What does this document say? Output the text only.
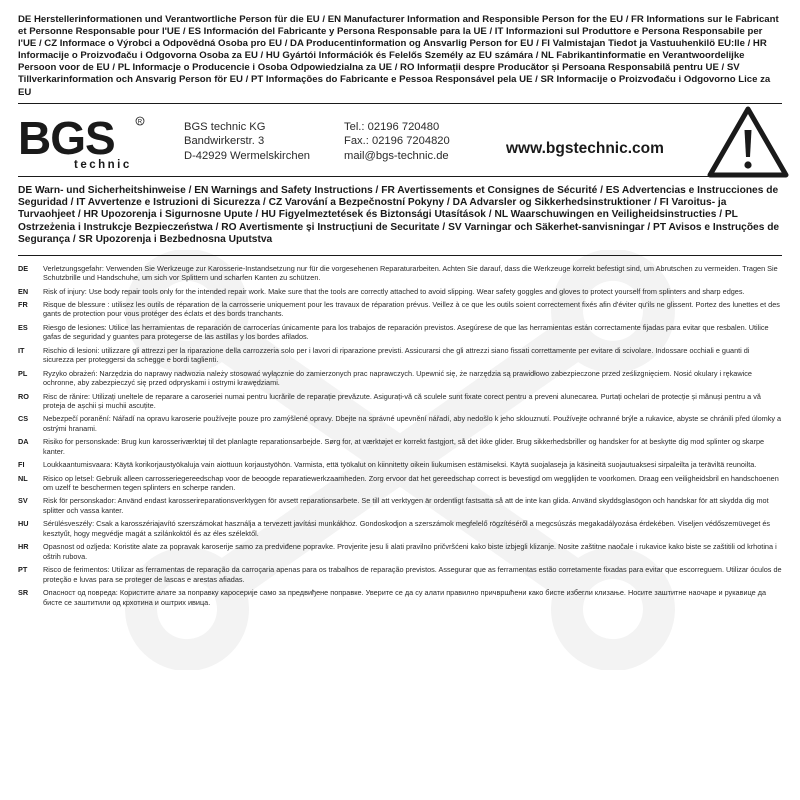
DE Herstellerinformationen und Verantwortliche Person für die EU / EN Manufacturer Information and Responsible Person for the EU / FR Informations sur le Fabricant et Personne Responsable pour l'UE / ES Información del Fabricante y Persona Responsable para la UE / IT Informazioni sul Produttore e Persona Responsabile per l'UE / CZ Informace o Výrobci a Odpovědná Osoba pro EU / DA Producentinformation og Ansvarlig Person for EU / FI Valmistajan Tiedot ja Vastuuhenkilö EU:lle / HR Informacije o Proizvođaču i Odgovorna Osoba za EU / HU Gyártói Információk és Felelős Személy az EU számára / NL Fabrikantinformatie en Verantwoordelijke Persoon voor de EU / PL Informacje o Producencie i Osoba Odpowiedzialna za UE / RO Informații despre Producător și Persoana Responsabilă pentru UE / SV Tillverkarinformation och Ansvarig Person för EU / PT Informações do Fabricante e Pessoa Responsável pela UE / SR Informacije o Proizvođaču i Odgovorno Lice za EU
BGS
technic
R	BGS technic KG
Bandwirkerstr. 3
D-42929 Wermelskirchen
Tel.: 02196 720480
Fax.: 02196 7204820
mail@bgs-technic.de	www.bgstechnic.com
DE Warn- und Sicherheitshinweise / EN Warnings and Safety Instructions / FR Avertissements et Consignes de Sécurité / ES Advertencias e Instrucciones de Seguridad / IT Avvertenze e Istruzioni di Sicurezza / CZ Varování a Bezpečnostní Pokyny / DA Advarsler og Sikkerhedsinstruktioner / FI Varoitus- ja Turvaohjeet / HR Upozorenja i Sigurnosne Upute / HU Figyelmeztetések és Biztonsági Utasítások / NL Waarschuwingen en Veiligheidsinstructies / PL Ostrzeżenia i Instrukcje Bezpieczeństwa / RO Avertismente și Instrucțiuni de Securitate / SV Varningar och Säkerhet-sanvisningar / PT Avisos e Instruções de Segurança / SR Upozorenja i Bezbednosna Uputstva
DE	Verletzungsgefahr: Verwenden Sie Werkzeuge zur Karosserie-Instandsetzung nur für die vorgesehenen Reparaturarbeiten. Achten Sie darauf, dass die Werkzeuge korrekt befestigt sind, um Abrutschen zu vermeiden. Tragen Sie Schutzbrille und Handschuhe, um sich vor Splittern und scharfen Kanten zu schützen.
EN	Risk of injury: Use body repair tools only for the intended repair work. Make sure that the tools are correctly attached to avoid slipping. Wear safety goggles and gloves to protect yourself from splinters and sharp edges.
FR	Risque de blessure : utilisez les outils de réparation de la carrosserie uniquement pour les travaux de réparation prévus. Veillez à ce que les outils soient correctement fixés afin d'éviter qu'ils ne glissent. Portez des lunettes et des gants de protection pour vous protéger des éclats et des bords tranchants.
ES	Riesgo de lesiones: Utilice las herramientas de reparación de carrocerías únicamente para los trabajos de reparación previstos. Asegúrese de que las herramientas están correctamente fijadas para evitar que resbalen. Utilice gafas de seguridad y guantes para protegerse de las astillas y los bordes afilados.
IT	Rischio di lesioni: utilizzare gli attrezzi per la riparazione della carrozzeria solo per i lavori di riparazione previsti. Assicurarsi che gli attrezzi siano fissati correttamente per evitare di scivolare. Indossare occhiali e guanti di sicurezza per proteggersi da schegge e bordi taglienti.
PL	Ryzyko obrażeń: Narzędzia do naprawy nadwozia należy stosować wyłącznie do zamierzonych prac naprawczych. Upewnić się, że narzędzia są prawidłowo zabezpieczone przed ześlizgnięciem. Nosić okulary i rękawice ochronne, aby zabezpieczyć się przed odpryskami i ostrymi krawędziami.
RO	Risc de rănire: Utilizați uneltele de reparare a caroseriei numai pentru lucrările de reparație prevăzute. Asigurați-vă că sculele sunt fixate corect pentru a preveni alunecarea. Purtați ochelari de protecție și mănuși pentru a vă proteja de așchii și muchii ascuțite.
CS	Nebezpečí poranění: Nářadí na opravu karoserie používejte pouze pro zamýšlené opravy. Dbejte na správné upevnění nářadí, aby nedošlo k jeho sklouznutí. Používejte ochranné brýle a rukavice, abyste se chránili před úlomky a ostrými hranami.
DA	Risiko for personskade: Brug kun karosseriværktøj til det planlagte reparationsarbejde. Sørg for, at værktøjet er korrekt fastgjort, så det ikke glider. Brug sikkerhedsbriller og handsker for at beskytte dig mod splinter og skarpe kanter.
FI	Loukkaantumisvaara: Käytä korikorjaustyökaluja vain aiottuun korjaustyöhön. Varmista, että työkalut on kiinnitetty oikein liukumisen estämiseksi. Käytä suojalaseja ja käsineitä suojautuaksesi sirpaleilta ja teräviltä reunoilta.
NL	Risico op letsel: Gebruik alleen carrosseriegereedschap voor de beoogde reparatiewerkzaamheden. Zorg ervoor dat het gereedschap correct is bevestigd om wegglijden te voorkomen. Draag een veiligheidsbril en handschoenen om uzelf te beschermen tegen splinters en scherpe randen.
SV	Risk för personskador: Använd endast karosserireparationsverktygen för avsett reparationsarbete. Se till att verktygen är ordentligt fastsatta så att de inte kan glida. Använd skyddsglasögon och handskar för att skydda dig mot splitter och vassa kanter.
HU	Sérülésveszély: Csak a karosszériajavító szerszámokat használja a tervezett javítási munkákhoz. Gondoskodjon a szerszámok megfelelő rögzítéséről a megcsúszás megakadályozása érdekében. Viseljen védőszemüveget és kesztyűt, hogy megvédje magát a szilánkoktól és az éles szélektől.
HR	Opasnost od ozljeda: Koristite alate za popravak karoserije samo za predviđene popravke. Provjerite jesu li alati pravilno pričvršćeni kako biste izbjegli klizanje. Nosite zaštitne naočale i rukavice kako biste se zaštitili od krhotina i oštrih rubova.
PT	Risco de ferimentos: Utilizar as ferramentas de reparação da carroçaria apenas para os trabalhos de reparação previstos. Assegurar que as ferramentas estão corretamente fixadas para evitar que escorreguem. Utilizar óculos de proteção e luvas para se proteger de lascas e arestas afiadas.
SR	Опасност од повреда: Користите алате за поправку каросерије само за предвиђене поправке. Уверите се да су алати правилно причвршћени како бисте избегли клизање. Носите заштитне наочаре и рукавице да бисте се заштитили од крхотина и оштрих ивица.
